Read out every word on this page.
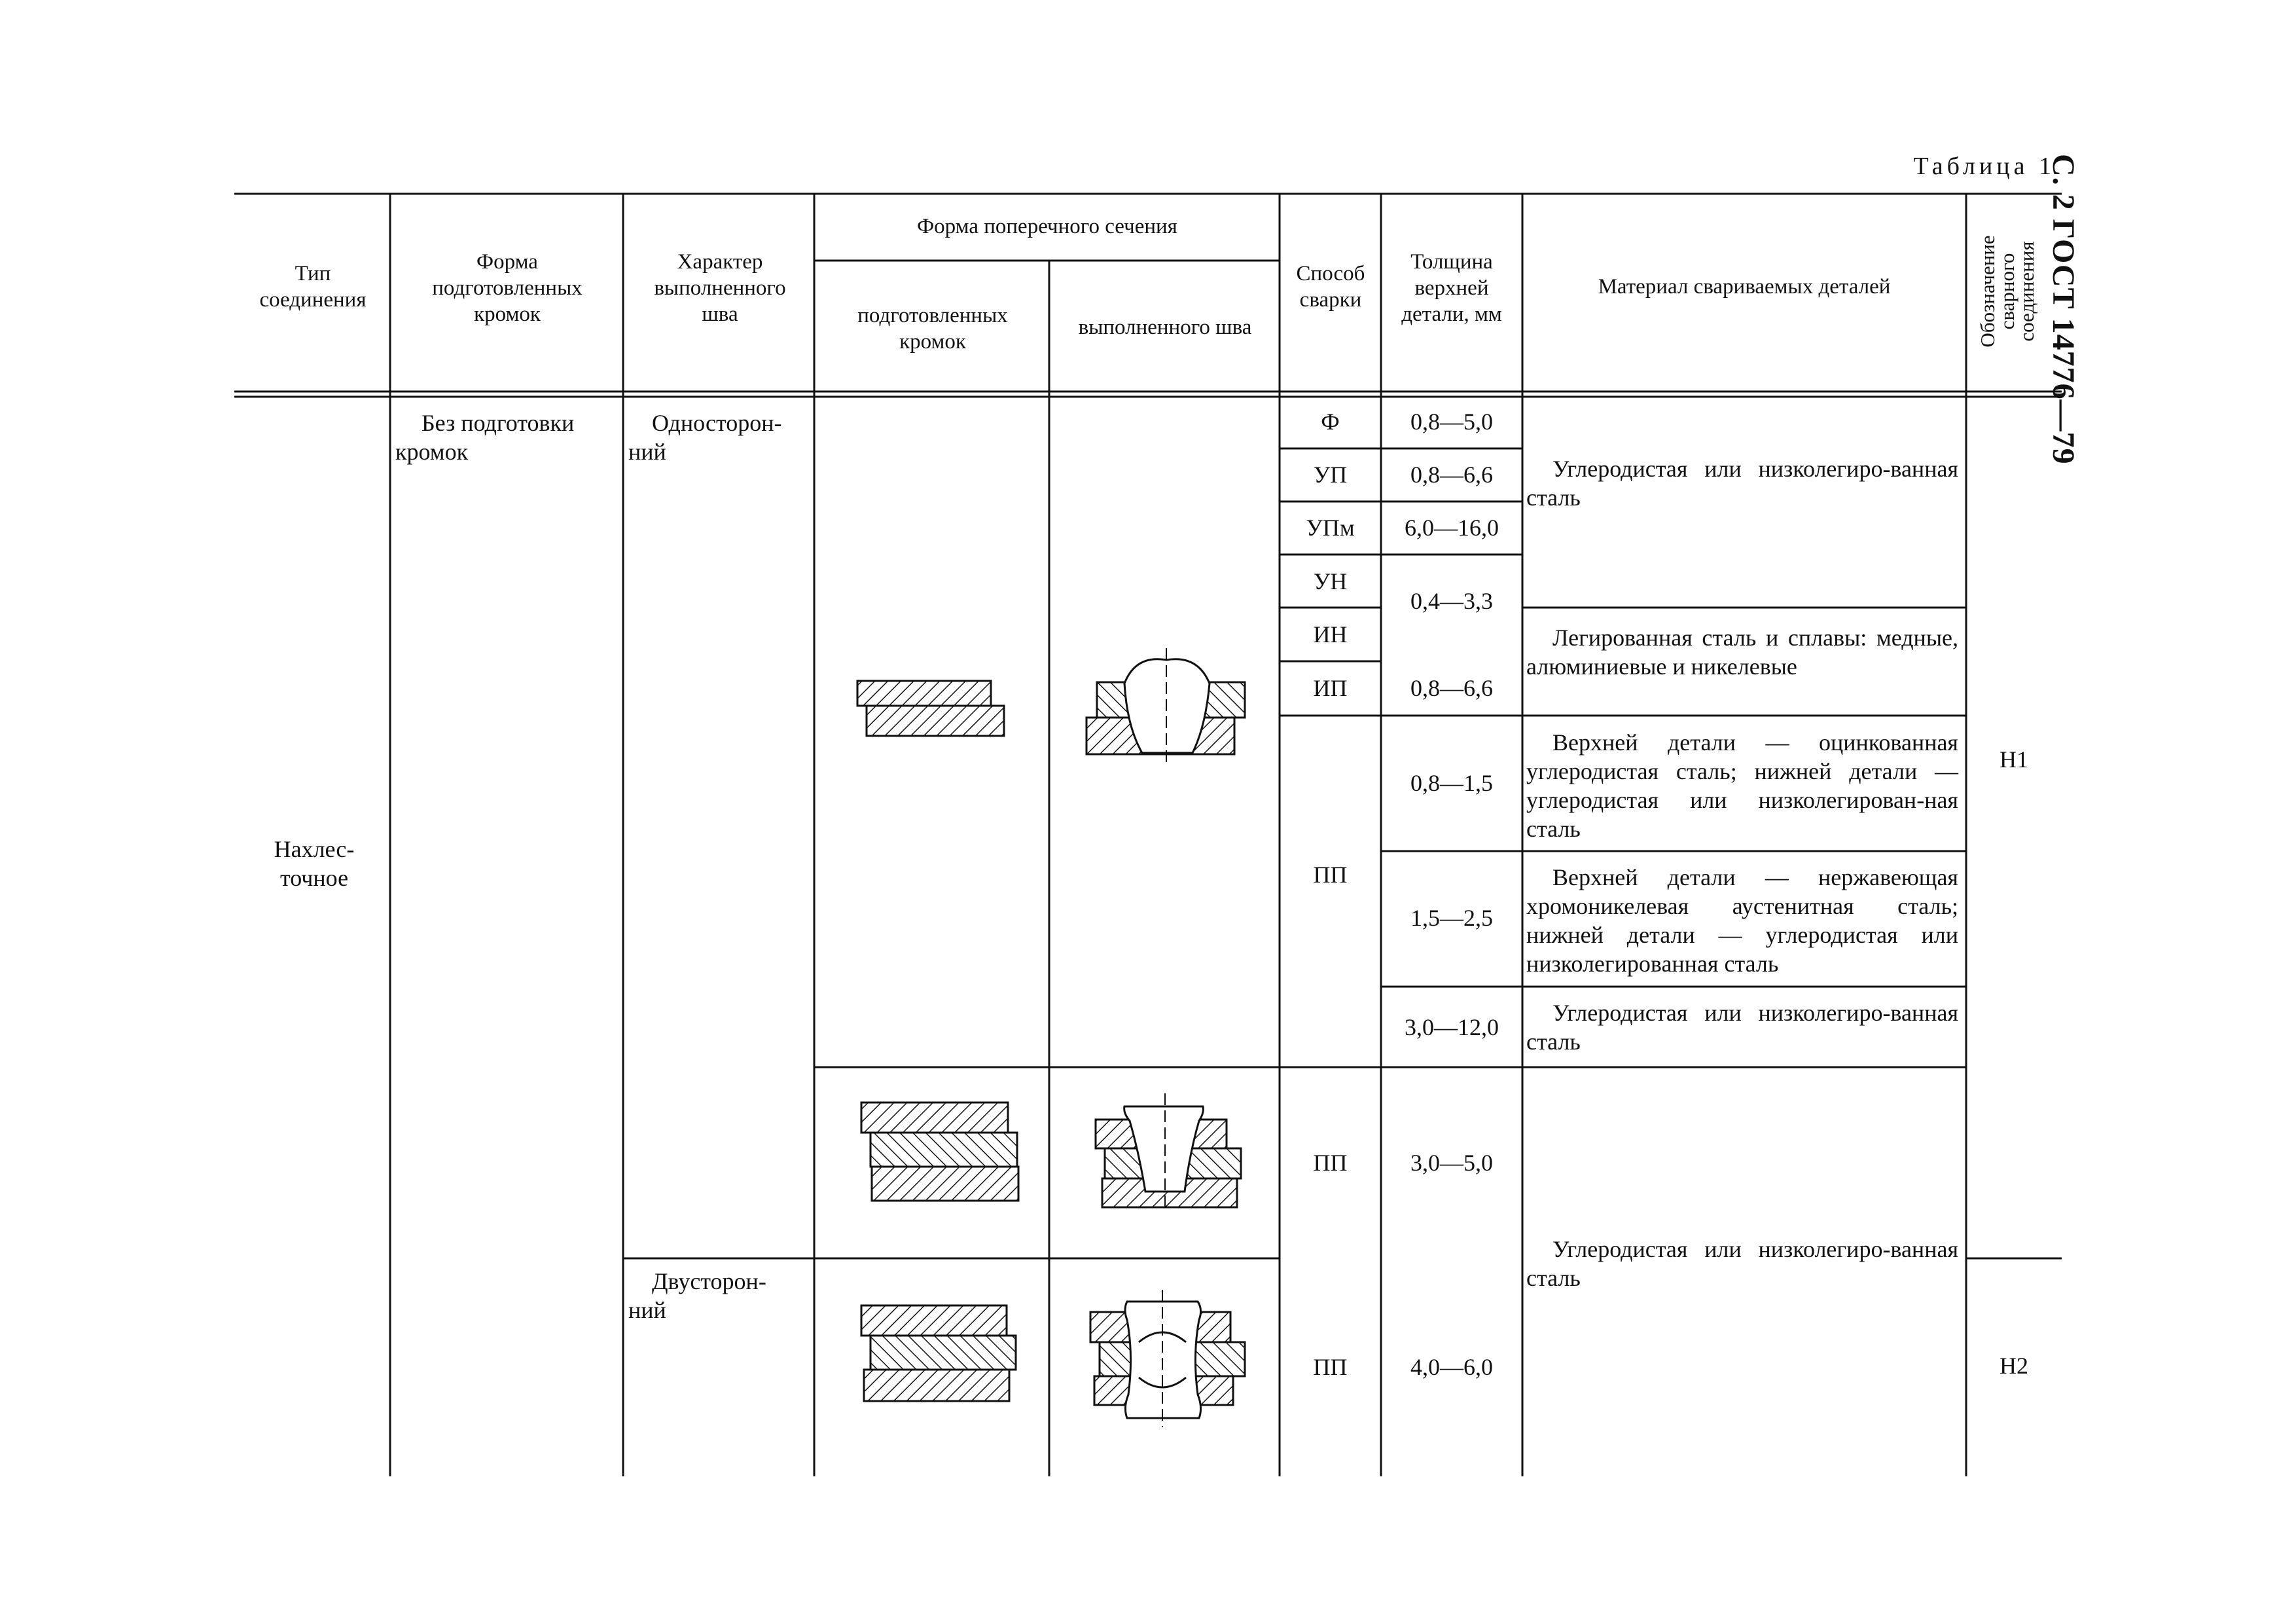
С. 2 ГОСТ 14776—79
Таблица 1
Тип соединения
Форма подготовленных кромок
Характер выполненного шва
Форма поперечного сечения
подготовленных кромок
выполненного шва
Способ сварки
Толщина верхней детали, мм
Материал свариваемых деталей	Обозначение сварного соединения
Нахлес-точное
Без подготовки кромок
Односторон-ний
Двусторон-ний
Ф
УП
УПм
УН
ИН
ИП
ПП
ПП
ПП
0,8—5,0
0,8—6,6
6,0—16,0
0,4—3,3
0,8—6,6
0,8—1,5
1,5—2,5
3,0—12,0
3,0—5,0
4,0—6,0
Углеродистая или низколегиро-ванная сталь
Легированная сталь и сплавы: медные, алюминиевые и никелевые
Верхней детали — оцинкованная углеродистая сталь; нижней детали — углеродистая или низколегирован-ная сталь
Верхней детали — нержавеющая хромоникелевая аустенитная сталь; нижней детали — углеродистая или низколегированная сталь
Углеродистая или низколегиро-ванная сталь
Углеродистая или низколегиро-ванная сталь
Н1
Н2
